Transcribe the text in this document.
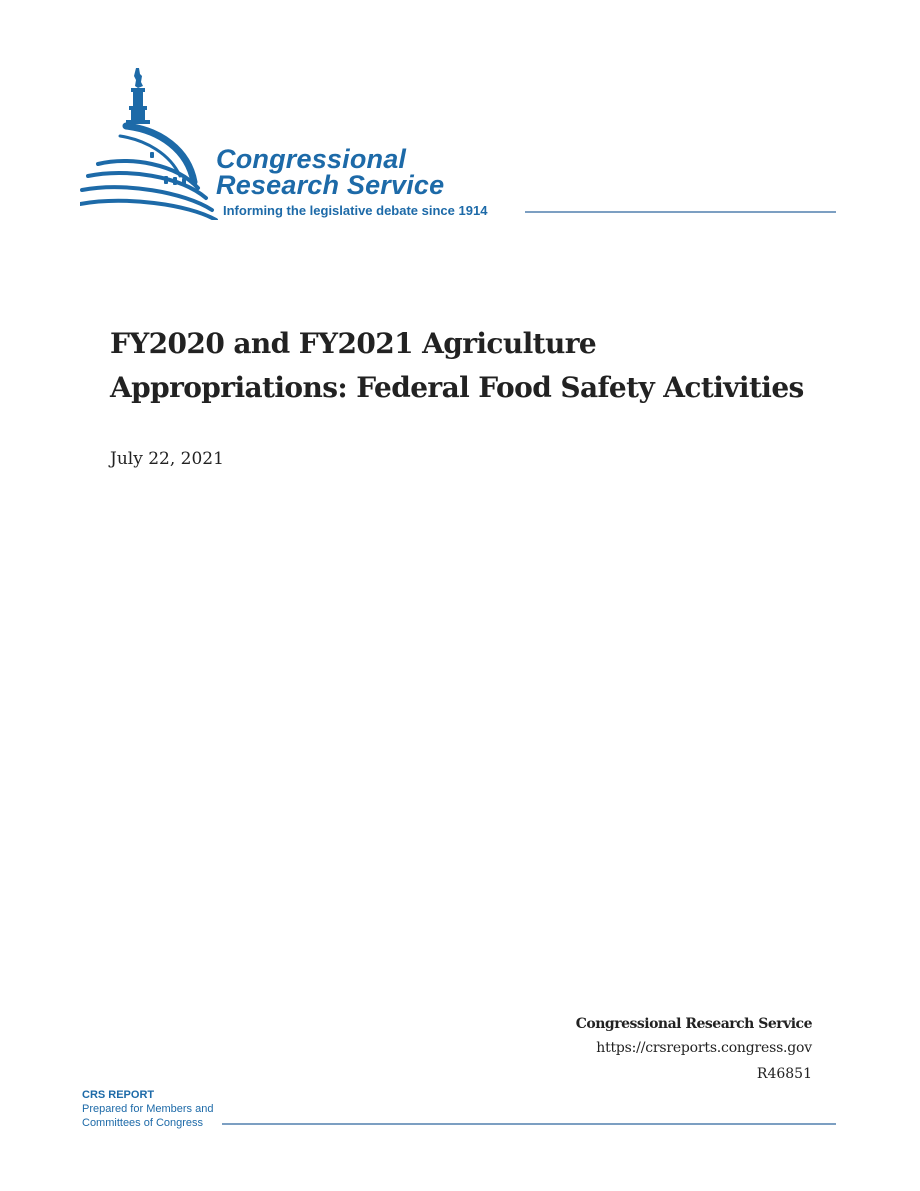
Congressional
Research Service
Informing the legislative debate since 1914
FY2020 and FY2021 Agriculture
Appropriations: Federal Food Safety Activities
July 22, 2021
Congressional Research Service
https://crsreports.congress.gov
R46851
CRS REPORT
Prepared for Members and
Committees of Congress
